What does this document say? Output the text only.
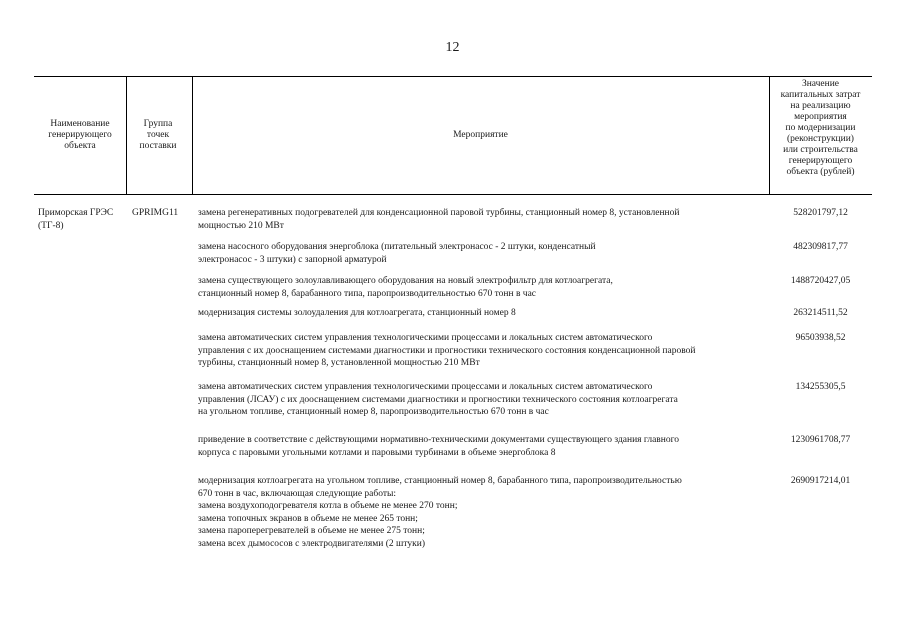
12
Наименование
генерирующего
объекта
Группа
точек
поставки
Мероприятие
Значение
капитальных затрат
на реализацию
мероприятия
по модернизации
(реконструкции)
или строительства
генерирующего
объекта (рублей)
Приморская ГРЭС
(ТГ-8)
GPRIMG11	замена регенеративных подогревателей для конденсационной паровой турбины, станционный номер 8, установленной
мощностью 210 МВт
528201797,12
замена насосного оборудования энергоблока (питательный электронасос - 2 штуки, конденсатный
электронасос - 3 штуки) с запорной арматурой
482309817,77
замена существующего золоулавливающего оборудования на новый электрофильтр для котлоагрегата,
станционный номер 8, барабанного типа, паропроизводительностью 670 тонн в час
1488720427,05
модернизация системы золоудаления для котлоагрегата, станционный номер 8	263214511,52
замена автоматических систем управления технологическими процессами и локальных систем автоматического
управления с их дооснащением системами диагностики и прогностики технического состояния конденсационной паровой
турбины, станционный номер 8, установленной мощностью 210 МВт
96503938,52
замена автоматических систем управления технологическими процессами и локальных систем автоматического
управления (ЛСАУ) с их дооснащением системами диагностики и прогностики технического состояния котлоагрегата
на угольном топливе, станционный номер 8, паропроизводительностью 670 тонн в час
134255305,5
приведение в соответствие с действующими нормативно-техническими документами существующего здания главного
корпуса с паровыми угольными котлами и паровыми турбинами в объеме энергоблока 8
1230961708,77
модернизация котлоагрегата на угольном топливе, станционный номер 8, барабанного типа, паропроизводительностью
670 тонн в час, включающая следующие работы:
замена воздухоподогревателя котла в объеме не менее 270 тонн;
замена топочных экранов в объеме не менее 265 тонн;
замена пароперегревателей в объеме не менее 275 тонн;
замена всех дымососов с электродвигателями (2 штуки)
2690917214,01
